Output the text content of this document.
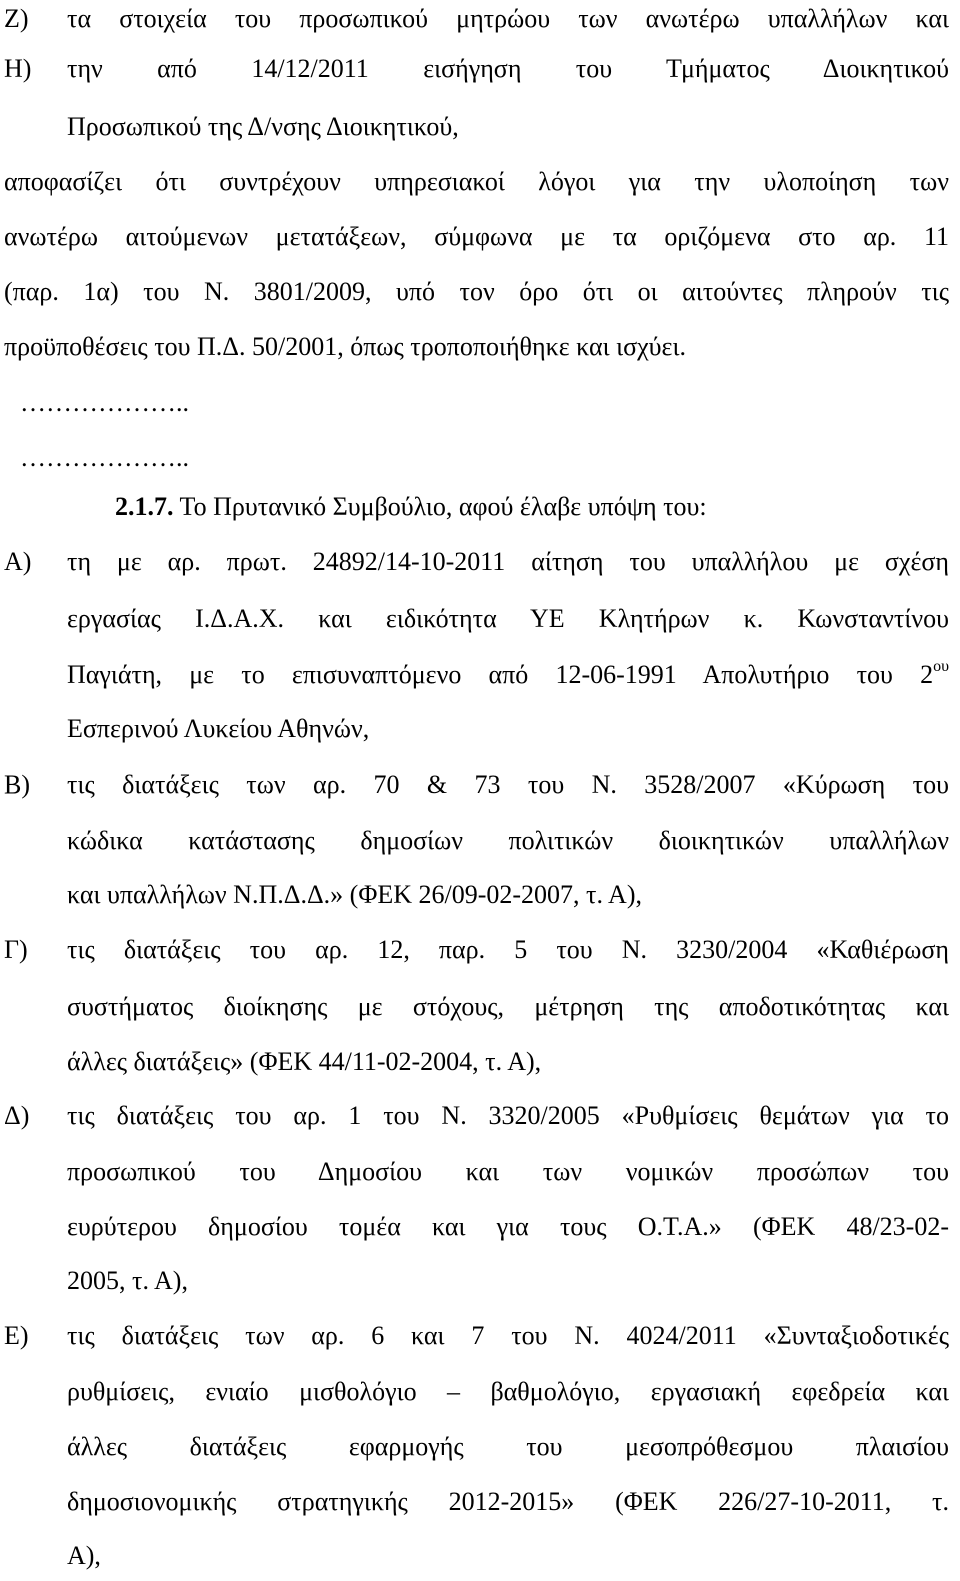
Ζ) τα στοιχεία του προσωπικού μητρώου των ανωτέρω υπαλλήλων και
Η) την από 14/12/2011 εισήγηση του Τμήματος Διοικητικού
Προσωπικού της Δ/νσης Διοικητικού,
αποφασίζει ότι συντρέχουν υπηρεσιακοί λόγοι για την υλοποίηση των
ανωτέρω αιτούμενων μετατάξεων, σύμφωνα με τα οριζόμενα στο αρ. 11
(παρ. 1α) του Ν. 3801/2009, υπό τον όρο ότι οι αιτούντες πληρούν τις
προϋποθέσεις του Π.Δ. 50/2001, όπως τροποποιήθηκε και ισχύει.
………………..
………………..
2.1.7. Το Πρυτανικό Συμβούλιο, αφού έλαβε υπόψη του:
Α) τη με αρ. πρωτ. 24892/14-10-2011 αίτηση του υπαλλήλου με σχέση
εργασίας Ι.Δ.Α.Χ. και ειδικότητα ΥΕ Κλητήρων κ. Κωνσταντίνου
Παγιάτη, με το επισυναπτόμενο από 12-06-1991 Απολυτήριο του $2^{o\upsilon}$
Εσπερινού Λυκείου Αθηνών,
Β) τις διατάξεις των αρ. 70 & 73 του Ν. 3528/2007 «Κύρωση του
κώδικα κατάστασης δημοσίων πολιτικών διοικητικών υπαλλήλων
και υπαλλήλων Ν.Π.Δ.Δ.» (ΦΕΚ 26/09-02-2007, τ. Α),
Γ) τις διατάξεις του αρ. 12, παρ. 5 του Ν. 3230/2004 «Καθιέρωση
συστήματος διοίκησης με στόχους, μέτρηση της αποδοτικότητας και
άλλες διατάξεις» (ΦΕΚ 44/11-02-2004, τ. Α),
Δ) τις διατάξεις του αρ. 1 του Ν. 3320/2005 «Ρυθμίσεις θεμάτων για το
προσωπικού του Δημοσίου και των νομικών προσώπων του
ευρύτερου δημοσίου τομέα και για τους Ο.Τ.Α.» (ΦΕΚ 48/23-02-
2005, τ. Α),
Ε) τις διατάξεις των αρ. 6 και 7 του Ν. 4024/2011 «Συνταξιοδοτικές
ρυθμίσεις, ενιαίο μισθολόγιο – βαθμολόγιο, εργασιακή εφεδρεία και
άλλες διατάξεις εφαρμογής του μεσοπρόθεσμου πλαισίου
δημοσιονομικής στρατηγικής 2012-2015» (ΦΕΚ 226/27-10-2011, τ.
Α),
